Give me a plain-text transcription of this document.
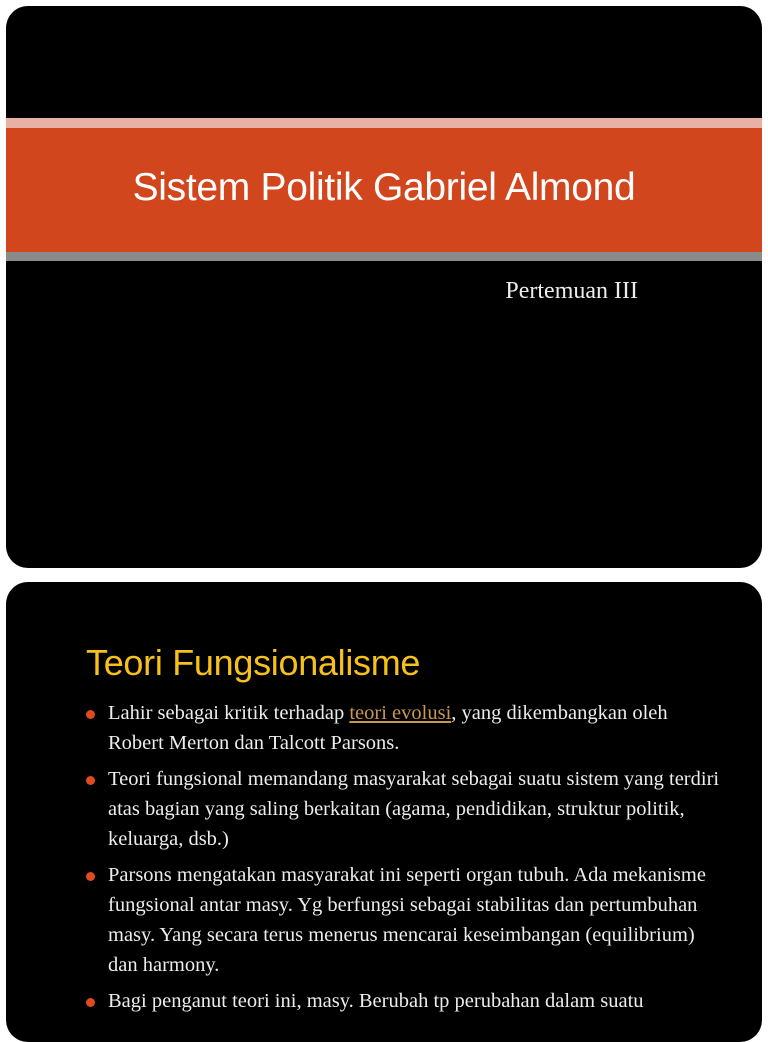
Sistem Politik Gabriel Almond
Pertemuan III
Teori Fungsionalisme
Lahir sebagai kritik terhadap teori evolusi, yang dikembangkan oleh Robert Merton dan Talcott Parsons.
Teori fungsional memandang masyarakat sebagai suatu sistem yang terdiri atas bagian yang saling berkaitan (agama, pendidikan, struktur politik, keluarga, dsb.)
Parsons mengatakan masyarakat ini seperti organ tubuh. Ada mekanisme fungsional antar masy. Yg berfungsi sebagai stabilitas dan pertumbuhan masy. Yang secara terus menerus mencarai keseimbangan (equilibrium) dan harmony.
Bagi penganut teori ini, masy. Berubah tp perubahan dalam suatu
